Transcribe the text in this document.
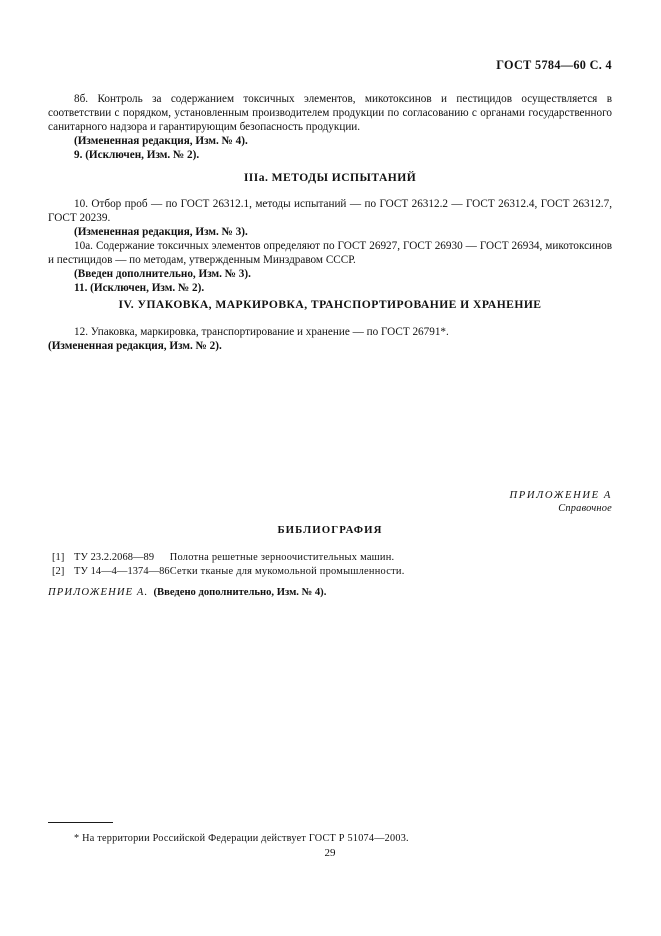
ГОСТ 5784—60 С. 4

8б. Контроль за содержанием токсичных элементов, микотоксинов и пестицидов осуществляется в соответствии с порядком, установленным производителем продукции по согласованию с органами государственного санитарного надзора и гарантирующим безопасность продукции.

(Измененная редакция, Изм. № 4).

9. (Исключен, Изм. № 2).

IIIa. МЕТОДЫ ИСПЫТАНИЙ

10. Отбор проб — по ГОСТ 26312.1, методы испытаний — по ГОСТ 26312.2 — ГОСТ 26312.4, ГОСТ 26312.7, ГОСТ 20239.

(Измененная редакция, Изм. № 3).

10а. Содержание токсичных элементов определяют по ГОСТ 26927, ГОСТ 26930 — ГОСТ 26934, микотоксинов и пестицидов — по методам, утвержденным Минздравом СССР.

(Введен дополнительно, Изм. № 3).

11. (Исключен, Изм. № 2).

IV. УПАКОВКА, МАРКИРОВКА, ТРАНСПОРТИРОВАНИЕ И ХРАНЕНИЕ

12. Упаковка, маркировка, транспортирование и хранение — по ГОСТ 26791*.

(Измененная редакция, Изм. № 2).

ПРИЛОЖЕНИЕ А
Справочное
БИБЛИОГРАФИЯ
[1]	ТУ 23.2.2068—89	Полотна решетные зерноочистительных машин.
[2]	ТУ 14—4—1374—86	Сетки тканые для мукомольной промышленности.

ПРИЛОЖЕНИЕ А. (Введено дополнительно, Изм. № 4).

* На территории Российской Федерации действует ГОСТ Р 51074—2003.

29
